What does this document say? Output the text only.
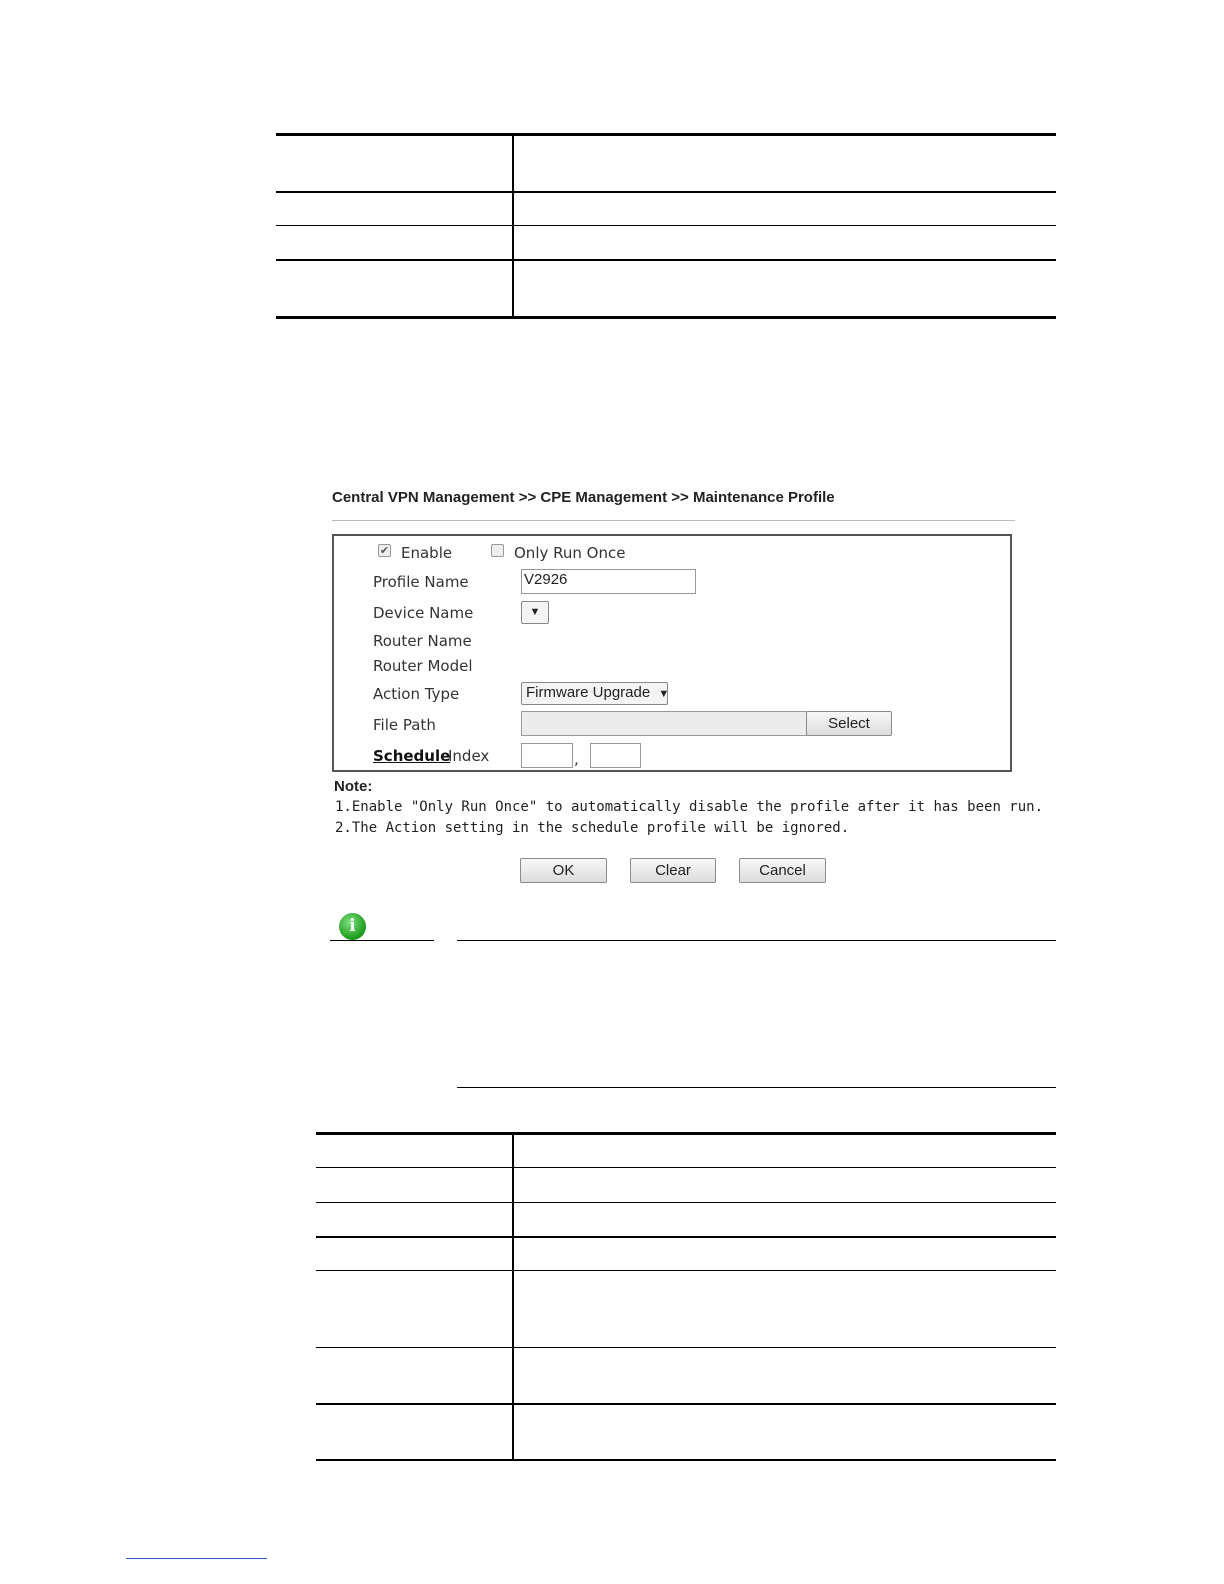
Central VPN Management >> CPE Management >> Maintenance Profile
✔ Enable	Only Run Once
Profile Name	V2926
Device Name	▼
Router Name
Router Model
Action Type	Firmware Upgrade ▼
File Path	Select
Schedule
Index	,
Note:
1.Enable "Only Run Once" to automatically disable the profile after it has been run.
2.The Action setting in the schedule profile will be ignored.
OK	Clear	Cancel
i
